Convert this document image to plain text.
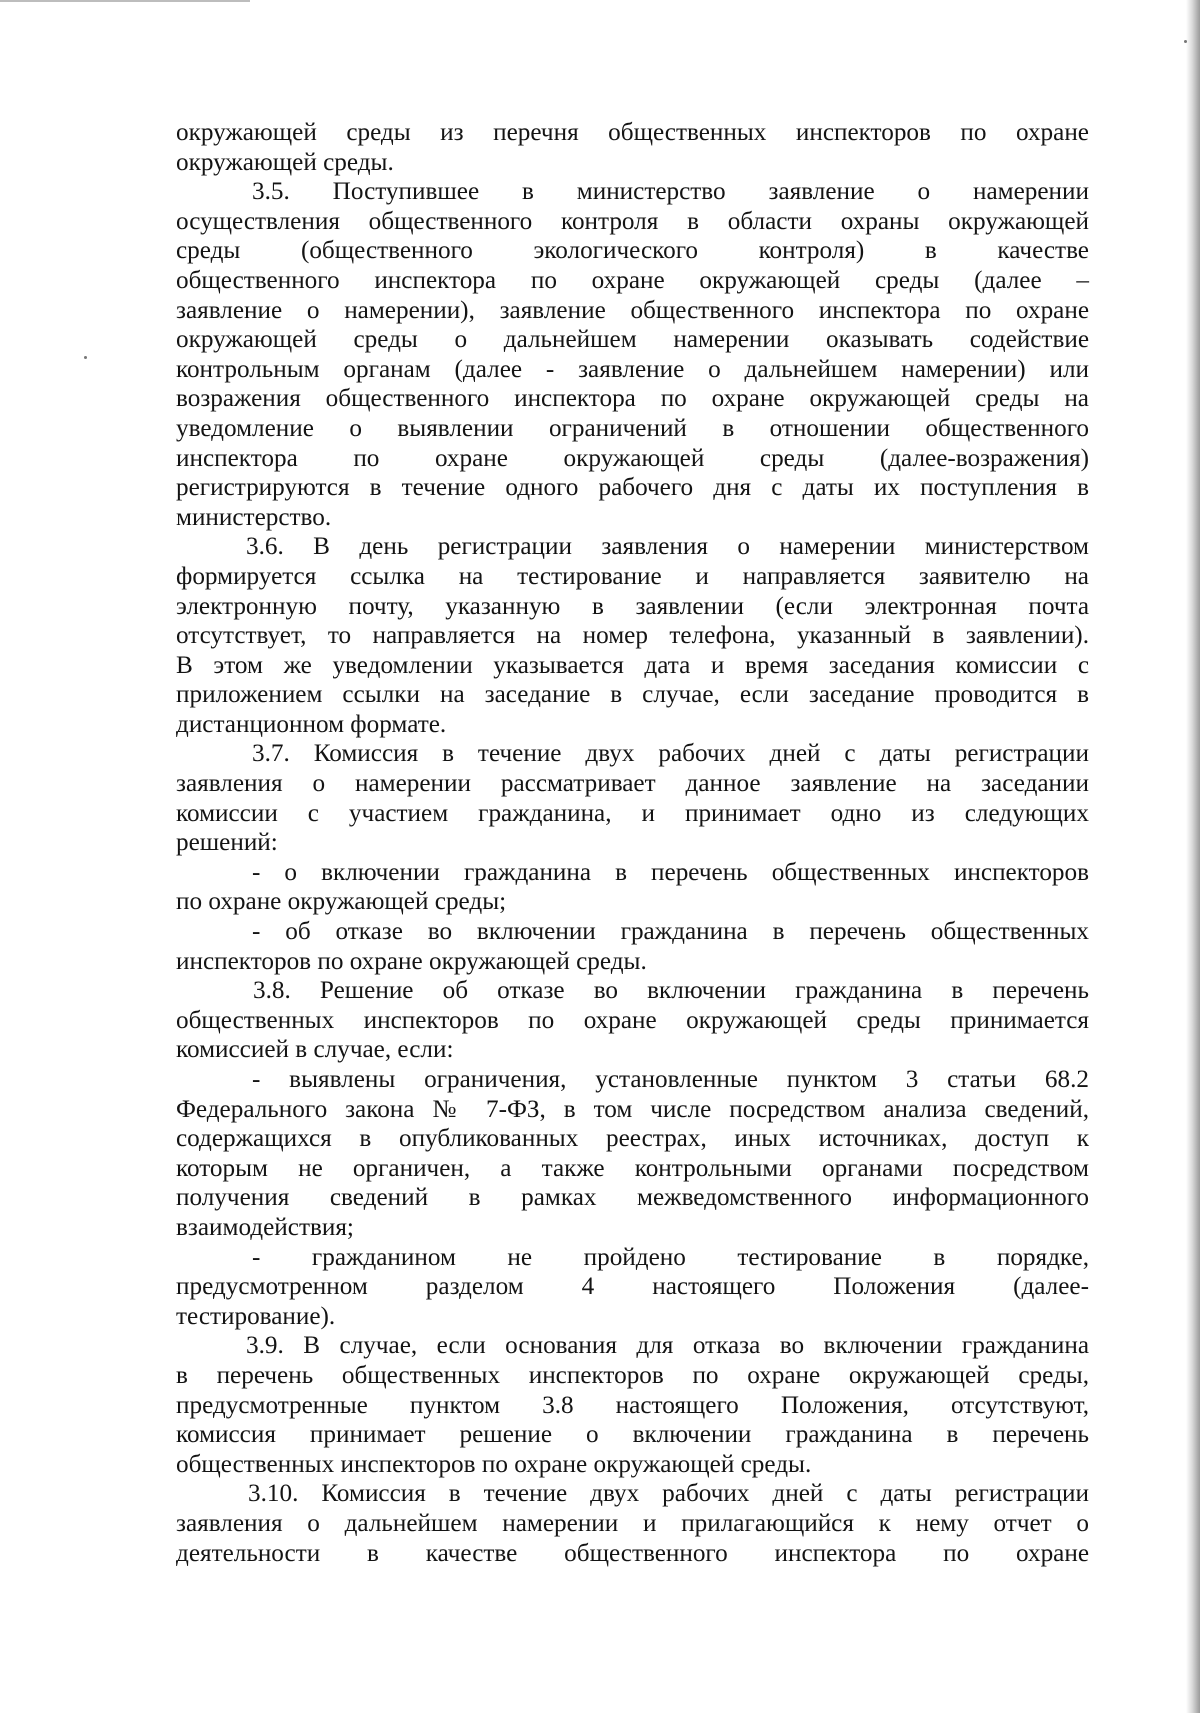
окружающей среды из перечня общественных инспекторов по охране

окружающей среды.

3.5. Поступившее в министерство заявление о намерении

осуществления общественного контроля в области охраны окружающей

среды (общественного экологического контроля) в качестве

общественного инспектора по охране окружающей среды (далее –

заявление о намерении), заявление общественного инспектора по охране

окружающей среды о дальнейшем намерении оказывать содействие

контрольным органам (далее - заявление о дальнейшем намерении) или

возражения общественного инспектора по охране окружающей среды на

уведомление о выявлении ограничений в отношении общественного

инспектора по охране окружающей среды (далее-возражения)

регистрируются в течение одного рабочего дня с даты их поступления в

министерство.

3.6. В день регистрации заявления о намерении министерством

формируется ссылка на тестирование и направляется заявителю на

электронную почту, указанную в заявлении (если электронная почта

отсутствует, то направляется на номер телефона, указанный в заявлении).

В этом же уведомлении указывается дата и время заседания комиссии с

приложением ссылки на заседание в случае, если заседание проводится в

дистанционном формате.

3.7. Комиссия в течение двух рабочих дней с даты регистрации

заявления о намерении рассматривает данное заявление на заседании

комиссии с участием гражданина, и принимает одно из следующих

решений:

- о включении гражданина в перечень общественных инспекторов

по охране окружающей среды;

- об отказе во включении гражданина в перечень общественных

инспекторов по охране окружающей среды.

3.8. Решение об отказе во включении гражданина в перечень

общественных инспекторов по охране окружающей среды принимается

комиссией в случае, если:

- выявлены ограничения, установленные пунктом 3 статьи 68.2

Федерального закона № 7-ФЗ, в том числе посредством анализа сведений,

содержащихся в опубликованных реестрах, иных источниках, доступ к

которым не органичен, а также контрольными органами посредством

получения сведений в рамках межведомственного информационного

взаимодействия;

- гражданином не пройдено тестирование в порядке,

предусмотренном разделом 4 настоящего Положения (далее-

тестирование).

3.9. В случае, если основания для отказа во включении гражданина

в перечень общественных инспекторов по охране окружающей среды,

предусмотренные пунктом 3.8 настоящего Положения, отсутствуют,

комиссия принимает решение о включении гражданина в перечень

общественных инспекторов по охране окружающей среды.

3.10. Комиссия в течение двух рабочих дней с даты регистрации

заявления о дальнейшем намерении и прилагающийся к нему отчет о

деятельности в качестве общественного инспектора по охране
